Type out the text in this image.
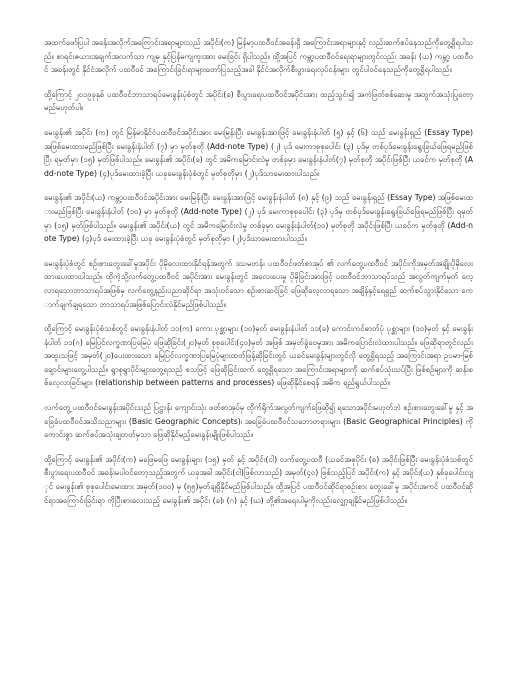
အထက်ဖော်ပြပါ အခန်းအလိုက်အကြောင်းအရာများသည် အပိုင်း(က) မြန်မာ့ပထဝီဝင်အခန်းရှိ အကြောင်းအရာများနှင့် လည်းဆက်စပ်နေသည်ကိုတွေ့ရှိရပါသည်။ စာရင်းဇယားအချက်အလက်သာ ကျမှ နှင့်ပြန်မကျကူးအား မေးခြင်း ရှိပါသည်။ ထို့အပြင် ကမ္ဘာ့ပထဝီဝင်ရေးရာများတွင်လည်း အခန်း (ယ) ကမ္ဘာ့ ပထဝီဝင် အခန်းတွင် နိုင်ငံအလိုက် ပထဝီဝင် အကြောင်းခြင်းရာများတော်ပြသည့်အခါ နိုင်ငံအလိုက်စီးပွားရေးလုပ်ငန်းများ တွင်ပါဝင်နေသည်ကိုတွေ့ရှိရပါသည်။

ထို့ကြောင့် ၂၀၁၉ခုနှစ် ပထဝီဝင်ဘာသာရပ်မေးခွန်းပုံစံတွင် အပိုင်း(ခ) စီးပွားရေးပထဝီဝင်အပိုင်းအား ထည့်သွင်း၍ အကဲဖြတ်စစ်ဆေးမှု အတွက်အသုံးပြုတော့မည်မဟုတ်ပါ။

မေးခွန်း၏ အပိုင်း (က) တွင် မြန်မာနိုင်ငံပထဝီဝင်အပိုင်းအား မေးမြန်းပြီး မေးခွန်းအားဖြင့် မေးခွန်းနံပါတ် (၅) နှင့် (၆) သည် မေးခွန်းရှည် (Essay Type) အဖြစ်မေးထားမည်ဖြစ်ပြီး မေးခွန်းနံပါတ် (၇) မှာ မှတ်စုတို (Add-note Type) (၂) ပုဒ် မေးကာစုစုပေါင်း (၃) ပုဒ်မှ တစ်ပုဒ်မေးခွန်းရွေးခြယ်ဖြေရမည်ဖြစ်ပြီး ရမှတ်မှာ (၁၅) မှတ်ဖြစ်ပါသည်။ မေးခွန်း၏ အပိုင်း(ခ) တွင် အမိကမြောင်းလဲမှု တစ်ခုမှာ မေးခွန်းနံပါတ်(၇) မှတ်စုတို အပိုင်းဖြစ်ပြီး ယခင်က မှတ်စုတို (Add-note Type) (၄)ပုဒ်မေးထားခဲ့ပြီး ယခုမေးခွန်းပုံစံတွင် မှတ်စုတိုမှာ (၂)ပုဒ်သာမေးထားပါသည်။

မေးခွန်း၏ အပိုင်း(ယ) ကမ္ဘာ့ပထဝီဝင်အပိုင်းအား မေးမြန်းပြီး မေးခွန်းအားဖြင့် မေးခွန်းနံပါတ် (၈) နှင့် (၉) သည် မေးခွန်းရှည် (Essay Type) အဖြစ်မေးထားမည်ဖြစ်ပြီး မေးခွန်းနံပါတ် (၁၀) မှာ မှတ်စုတို (Add-note Type) (၂) ပုဒ် မေးကာစုစုပေါင်း (၃) ပုဒ်မှ တစ်ပုဒ်မေးခွန်းရွေးခြယ်ဖြေရမည်ဖြစ်ပြီး ရမှတ်မှာ (၁၅) မှတ်ဖြစ်ပါသည်။ မေးခွန်း၏ အပိုင်း(ယ) တွင် အမိကမြောင်းလဲမှု တစ်ခုမှာ မေးခွန်းနံပါတ်(၁၀) မှတ်စုတို အပိုင်းဖြစ်ပြီး ယခင်က မှတ်စုတို (Add-note Type) (၄)ပုဒ် မေးထားခဲ့ပြီး ယခု မေးခွန်းပုံစံတွင် မှတ်စုတိုမှာ (၂)ပုဒ်သာမေးထားပါသည်။

မေးခွန်းပုံစံတွင် စဉ်းစားတွေးခေါ်မှုအပိုင်း ပိုမိုလေးထားနိုင်ရန်အတွက် ဒသမတန်း ပထဝီဝင်ဖတ်စာအုပ် ၏ လက်တွေ့ပထဝီဝင် အပိုင်းကိုအမှတ်အချိုးပိုမိုလေးထားပေးထားပါသည်။ ထိုကဲ့သို့လက်တွေ့ပထဝီဝင် အပိုင်းအား မေးခွန်းတွင် အလေးပေးမှု ပိုမိုခြင်းအားဖြင့် ပထဝီဝင်ဘာသာရပ်သည် အလွတ်ကျက်မှတ် လေ့လာရသောဘာသာရပ်အဖြစ်မှ လက်တွေ့နည်းပညာဆိုင်ရာ အသုံးဝင်သော စဉ်းစားဆင်ခြင် ဖြေဆိုလေ့လာရသော အချိန်နှင့်ရေရှည် ဆက်စပ်သွားနိုင်သော ကောက်ချက်ချရသော ဘာသာရပ်အဖြစ်ပြောင်းလဲနိုင်မည်ဖြစ်ပါသည်။

ထို့ကြောင့် မေးခွန်းပုံစံသစ်တွင် မေးခွန်းနံပါတ် ၁၁(က) ကေား ပုစ္ဆာများ (၁၀)မှတ် မေးခွန်းနံပါတ် ၁၁(ခ) ကောင်းကင်ဓာတ်ပုံ ပုစ္ဆာများ (၁၀)မှတ် နှင့် မေးခွန်းနံပါတ် ၁၁(ဂ) မြေပြင်လက္ခဏာပြမြေပုံ ဖြေဆိုခြင်း(၂၀)မှတ် စုစုပေါင်း(၄၀)မှတ် အဖြစ် အမှတ်ခွဲဝေမှုအား အမိကပြောင်းလဲထားပါသည်။ ဖြေဆိုရာတွင်လည်း အထူးသဖြင့် အမှတ်(၂၀)ပေးထားသော မြေပြင်လက္ခဏာပြမြေပုံများထတ်ဖြန့်ဆိုခြင်းတွင် ယခင်မေးခွန်းများတွင်လို တွေ့ရှိရသည့် အကြောင်းအရာ ဥပမာ-မြစ်ချောင်းများတွေ့ပါသည်။ ရွာစုရွာပိုင်းများတွေ့ရသည် စသဖြင့် ဖြေဆိုခြင်းထက် တွေ့ရှိရသော အကြောင်းအရာများကို ဆက်စပ်သုံးသပ်ပြီး ဖြစ်စဉ်များကို ဆန်းစစ်လေ့လာခြင်းများ (relationship between patterns and processes) ဖြေဆိုနိုင်စေရန် အဓိက ရည်ရွယ်ပါသည်။

လက်တွေ့ ပထဝီဝင်မေးခွန်းအပိုင်းသည် ပြဋ္ဌာန်း ကျောင်းသုံး ဖတ်စာအုပ်မှ တိုက်ရိုက်အလွတ်ကျက်ဖြေဆို၍ ရသောအပိုင်းမဟုတ်ဘဲ စဉ်းစားတွေးခေါ်မှု နှင့် အခြေခံပထဝီဝင်အသိသညာများ (Basic Geographic Concepts)၊ အခြေခံပထဝီဝင်သဘောတရားများ (Basic Geographical Principles) ကိုကောင်းစွာ ဆက်စပ်အသုံးချတတ်မှသာ ဖြေဆိုနိုင်မည့်မေးခွန်းမျိုးဖြစ်ပါသည်။

ထို့ကြောင့် မေးခွန်း၏ အပိုင်း(က) မဖြေမဖြေ မေးခွန်းများ (၁၅) မှတ် နှင့် အပိုင်း(ငါ) လက်တွေ့ပထဝီ (ယခင်အစုပိုင်း (စ) အပိုင်းဖြစ်ပြီး မေးခွန်းပုံစံသစ်တွင် စီးပွားရေးပထဝီဝင် အခန်းမပါဝင်တော့သည့်အတွက် ယခုအခါ အပိုင်း(ငါ)ဖြစ်လာသည်) အမှတ်(၄၀) ဖြစ်သည့်ပြင် အပိုင်း(က) နှင့် အပိုင်း(ယ) နှစ်ခုပေါင်းလျှင် မေးခွန်း၏ စုစုပေါင်းမေးထား အမှတ်(၁၀၀) မှ (၅၅)မှတ်ချရှိနိုင်မည်ဖြစ်ပါသည်။ ထို့အပြင် ပထဝီဝင်ဆိုင်ရာစဉ်းစား တွေးခေါ်မှု အပိုင်းအကင် ပထဝီဝင်ဆိုင်ရာအကြောင်းခြင်းရာ ကိုပြီးစားလေးသည့် မေးခွန်း၏ အပိုင်း (ခ)၊ (ဂ) နှင့် (ဃ) တို့၏အရေးပါမှုကိုလည်းလျှော့ချနိုင်မည်ဖြစ်ပါသည်။
